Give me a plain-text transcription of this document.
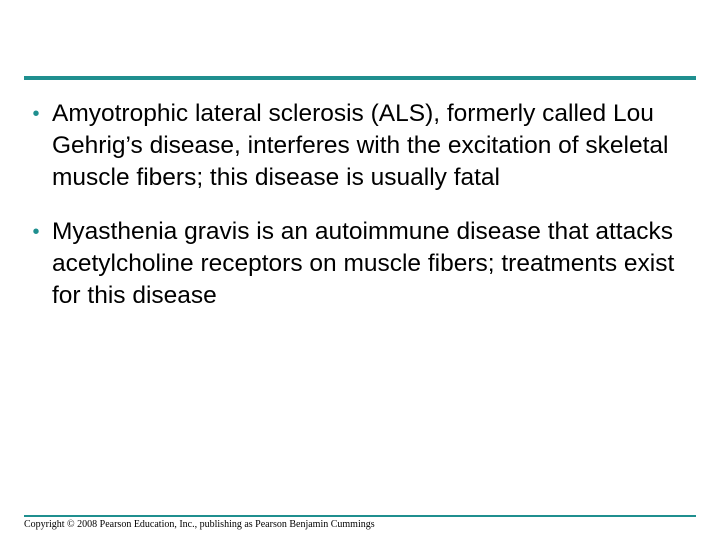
• Amyotrophic lateral sclerosis (ALS), formerly called Lou Gehrig’s disease, interferes with the excitation of skeletal muscle fibers; this disease is usually fatal
• Myasthenia gravis is an autoimmune disease that attacks acetylcholine receptors on muscle fibers; treatments exist for this disease
Copyright © 2008 Pearson Education, Inc., publishing as Pearson Benjamin Cummings
